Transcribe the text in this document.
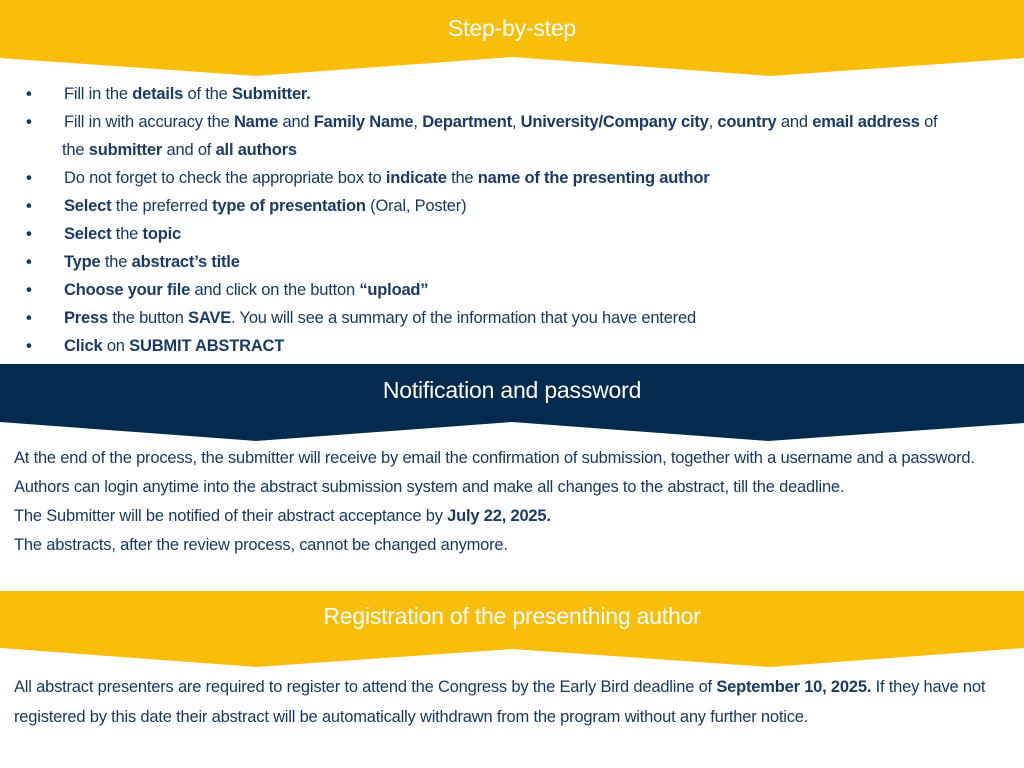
Step-by-step
• Fill in the details of the Submitter.
• Fill in with accuracy the Name and Family Name, Department, University/Company city, country and email address of
the submitter and of all authors
• Do not forget to check the appropriate box to indicate the name of the presenting author
• Select the preferred type of presentation (Oral, Poster)
• Select the topic
• Type the abstract’s title
• Choose your file and click on the button “upload”
• Press the button SAVE. You will see a summary of the information that you have entered
• Click on SUBMIT ABSTRACT
Notification and password

At the end of the process, the submitter will receive by email the confirmation of submission, together with a username and a password. Authors can login anytime into the abstract submission system and make all changes to the abstract, till the deadline.

The Submitter will be notified of their abstract acceptance by July 22, 2025.

The abstracts, after the review process, cannot be changed anymore.

Registration of the presenthing author

All abstract presenters are required to register to attend the Congress by the Early Bird deadline of September 10, 2025. If they have not registered by this date their abstract will be automatically withdrawn from the program without any further notice.
